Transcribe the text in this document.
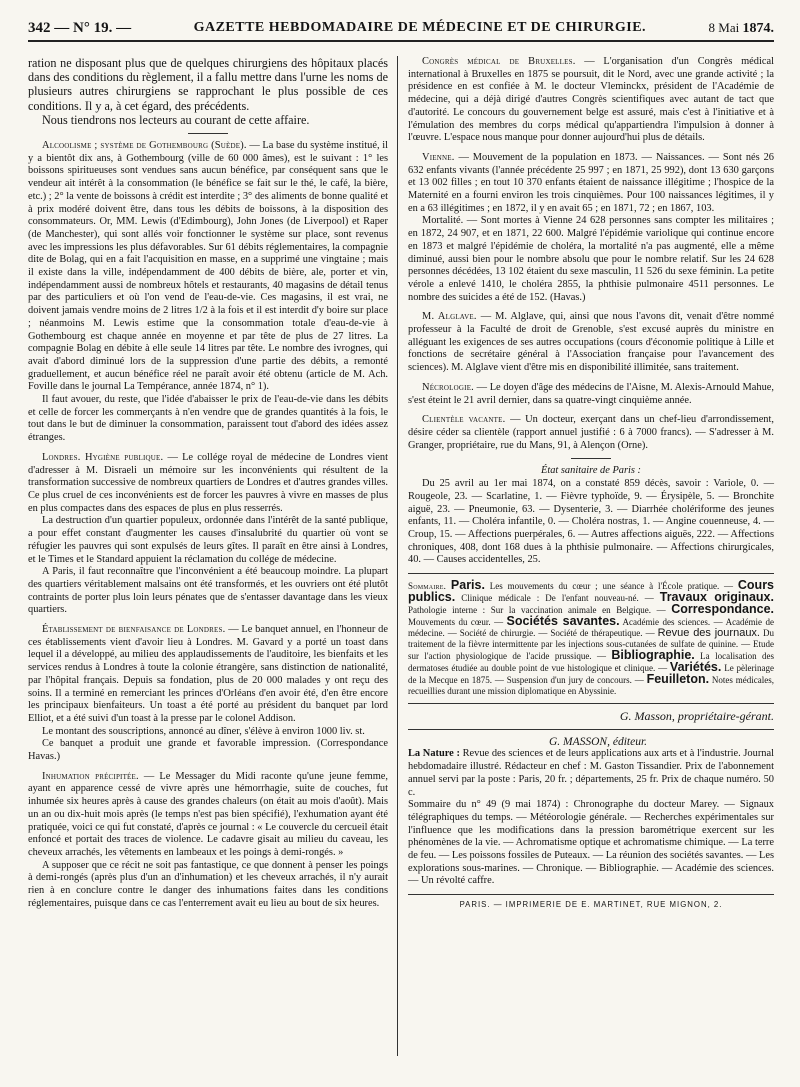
342 — N° 19. —	GAZETTE HEBDOMADAIRE DE MÉDECINE ET DE CHIRURGIE.	8 Mai 1874.

ration ne disposant plus que de quelques chirurgiens des hôpitaux placés dans des conditions du règlement, il a fallu mettre dans l'urne les noms de plusieurs autres chirurgiens se rapprochant le plus possible de ces conditions. Il y a, à cet égard, des précédents.

Nous tiendrons nos lecteurs au courant de cette affaire.

Alcoolisme ; système de Gothembourg (Suède). — La base du système institué, il y a bientôt dix ans, à Gothembourg (ville de 60 000 âmes), est le suivant : 1° les boissons spiritueuses sont vendues sans aucun bénéfice, par conséquent sans que le vendeur ait intérêt à la consommation (le bénéfice se fait sur le thé, le café, la bière, etc.) ; 2° la vente de boissons à crédit est interdite ; 3° des aliments de bonne qualité et à prix modéré doivent être, dans tous les débits de boissons, à la disposition des consommateurs. Or, MM. Lewis (d'Edimbourg), John Jones (de Liverpool) et Raper (de Manchester), qui sont allés voir fonctionner le système sur place, sont revenus avec les impressions les plus défavorables. Sur 61 débits réglementaires, la compagnie dite de Bolag, qui en a fait l'acquisition en masse, en a supprimé une vingtaine ; mais il existe dans la ville, indépendamment de 400 débits de bière, ale, porter et vin, indépendamment aussi de nombreux hôtels et restaurants, 40 magasins de détail tenus par des particuliers et où l'on vend de l'eau-de-vie. Ces magasins, il est vrai, ne doivent jamais vendre moins de 2 litres 1/2 à la fois et il est interdit d'y boire sur place ; néanmoins M. Lewis estime que la consommation totale d'eau-de-vie à Gothembourg est chaque année en moyenne et par tête de plus de 27 litres. La compagnie Bolag en débite à elle seule 14 litres par tête. Le nombre des ivrognes, qui avait d'abord diminué lors de la suppression d'une partie des débits, a remonté graduellement, et aucun bénéfice réel ne paraît avoir été obtenu (article de M. Ach. Foville dans le journal La Tempérance, année 1874, n° 1).

Il faut avouer, du reste, que l'idée d'abaisser le prix de l'eau-de-vie dans les débits et celle de forcer les commerçants à n'en vendre que de grandes quantités à la fois, le tout dans le but de diminuer la consommation, paraissent tout d'abord des idées assez étranges.

Londres. Hygiène publique. — Le collége royal de médecine de Londres vient d'adresser à M. Disraeli un mémoire sur les inconvénients qui résultent de la transformation successive de nombreux quartiers de Londres et d'autres grandes villes. Ce plus cruel de ces inconvénients est de forcer les pauvres à vivre en masses de plus en plus compactes dans des espaces de plus en plus resserrés.

La destruction d'un quartier populeux, ordonnée dans l'intérêt de la santé publique, a pour effet constant d'augmenter les causes d'insalubrité du quartier où vont se réfugier les pauvres qui sont expulsés de leurs gîtes. Il paraît en être ainsi à Londres, et le Times et le Standard appuient la réclamation du collége de médecine.

A Paris, il faut reconnaître que l'inconvénient a été beaucoup moindre. La plupart des quartiers véritablement malsains ont été transformés, et les ouvriers ont été plutôt contraints de porter plus loin leurs pénates que de s'entasser davantage dans les vieux quartiers.

Établissement de bienfaisance de Londres. — Le banquet annuel, en l'honneur de ces établissements vient d'avoir lieu à Londres. M. Gavard y a porté un toast dans lequel il a développé, au milieu des applaudissements de l'auditoire, les bienfaits et les services rendus à Londres à toute la colonie étrangère, sans distinction de nationalité, par l'hôpital français. Depuis sa fondation, plus de 20 000 malades y ont reçu des soins. Il a terminé en remerciant les princes d'Orléans d'en avoir été, d'en être encore les principaux bienfaiteurs. Un toast a été porté au président du banquet par lord Elliot, et a été suivi d'un toast à la presse par le colonel Addison.

Le montant des souscriptions, annoncé au dîner, s'élève à environ 1000 liv. st.

Ce banquet a produit une grande et favorable impression. (Correspondance Havas.)

Inhumation précipitée. — Le Messager du Midi raconte qu'une jeune femme, ayant en apparence cessé de vivre après une hémorrhagie, suite de couches, fut inhumée six heures après à cause des grandes chaleurs (on était au mois d'août). Mais un an ou dix-huit mois après (le temps n'est pas bien spécifié), l'exhumation ayant été pratiquée, voici ce qui fut constaté, d'après ce journal : « Le couvercle du cercueil était enfoncé et portait des traces de violence. Le cadavre gisait au milieu du caveau, les cheveux arrachés, les vêtements en lambeaux et les poings à demi-rongés. »

A supposer que ce récit ne soit pas fantastique, ce que donnent à penser les poings à demi-rongés (après plus d'un an d'inhumation) et les cheveux arrachés, il n'y aurait rien à en conclure contre le danger des inhumations faites dans les conditions réglementaires, puisque dans ce cas l'enterrement avait eu lieu au bout de six heures.

Congrès médical de Bruxelles. — L'organisation d'un Congrès médical international à Bruxelles en 1875 se poursuit, dit le Nord, avec une grande activité ; la présidence en est confiée à M. le docteur Vleminckx, président de l'Académie de médecine, qui a déjà dirigé d'autres Congrès scientifiques avec autant de tact que d'autorité. Le concours du gouvernement belge est assuré, mais c'est à l'initiative et à l'émulation des membres du corps médical qu'appartiendra l'impulsion à donner à l'œuvre. L'espace nous manque pour donner aujourd'hui plus de détails.

Vienne. — Mouvement de la population en 1873. — Naissances. — Sont nés 26 632 enfants vivants (l'année précédente 25 997 ; en 1871, 25 992), dont 13 630 garçons et 13 002 filles ; en tout 10 370 enfants étaient de naissance illégitime ; l'hospice de la Maternité en a fourni environ les trois cinquièmes. Pour 100 naissances légitimes, il y en a 63 illégitimes ; en 1872, il y en avait 65 ; en 1871, 72 ; en 1867, 103.

Mortalité. — Sont mortes à Vienne 24 628 personnes sans compter les militaires ; en 1872, 24 907, et en 1871, 22 600. Malgré l'épidémie variolique qui continue encore en 1873 et malgré l'épidémie de choléra, la mortalité n'a pas augmenté, elle a même diminué, aussi bien pour le nombre absolu que pour le nombre relatif. Sur les 24 628 personnes décédées, 13 102 étaient du sexe masculin, 11 526 du sexe féminin. La petite vérole a enlevé 1410, le choléra 2855, la phthisie pulmonaire 4511 personnes. Le nombre des suicides a été de 152. (Havas.)

M. Alglave. — M. Alglave, qui, ainsi que nous l'avons dit, venait d'être nommé professeur à la Faculté de droit de Grenoble, s'est excusé auprès du ministre en alléguant les exigences de ses autres occupations (cours d'économie politique à Lille et fonctions de secrétaire général à l'Association française pour l'avancement des sciences). M. Alglave vient d'être mis en disponibilité illimitée, sans traitement.

Nécrologie. — Le doyen d'âge des médecins de l'Aisne, M. Alexis-Arnould Mahue, s'est éteint le 21 avril dernier, dans sa quatre-vingt cinquième année.

Clientèle vacante. — Un docteur, exerçant dans un chef-lieu d'arrondissement, désire céder sa clientèle (rapport annuel justifié : 6 à 7000 francs). — S'adresser à M. Granger, propriétaire, rue du Mans, 91, à Alençon (Orne).

État sanitaire de Paris :

Du 25 avril au 1er mai 1874, on a constaté 859 décès, savoir : Variole, 0. — Rougeole, 23. — Scarlatine, 1. — Fièvre typhoïde, 9. — Érysipèle, 5. — Bronchite aiguë, 23. — Pneumonie, 63. — Dysenterie, 3. — Diarrhée cholériforme des jeunes enfants, 11. — Choléra infantile, 0. — Choléra nostras, 1. — Angine couenneuse, 4. — Croup, 15. — Affections puerpérales, 6. — Autres affections aiguës, 222. — Affections chroniques, 408, dont 168 dues à la phthisie pulmonaire. — Affections chirurgicales, 40. — Causes accidentelles, 25.

Sommaire. Paris. Les mouvements du cœur ; une séance à l'École pratique. — Cours publics. Clinique médicale : De l'enfant nouveau-né. — Travaux originaux. Pathologie interne : Sur la vaccination animale en Belgique. — Correspondance. Mouvements du cœur. — Sociétés savantes. Académie des sciences. — Académie de médecine. — Société de chirurgie. — Société de thérapeutique. — Revue des journaux. Du traitement de la fièvre intermittente par les injections sous-cutanées de sulfate de quinine. — Etude sur l'action physiologique de l'acide prussique. — Bibliographie. La localisation des dermatoses étudiée au double point de vue histologique et clinique. — Variétés. Le pèlerinage de la Mecque en 1875. — Suspension d'un jury de concours. — Feuilleton. Notes médicales, recueillies durant une mission diplomatique en Abyssinie.

G. Masson, propriétaire-gérant.

G. MASSON, éditeur.

La Nature : Revue des sciences et de leurs applications aux arts et à l'industrie. Journal hebdomadaire illustré. Rédacteur en chef : M. Gaston Tissandier. Prix de l'abonnement annuel servi par la poste : Paris, 20 fr. ; départements, 25 fr. Prix de chaque numéro. 50 c.

Sommaire du n° 49 (9 mai 1874) : Chronographe du docteur Marey. — Signaux télégraphiques du temps. — Météorologie générale. — Recherches expérimentales sur l'influence que les modifications dans la pression barométrique exercent sur les phénomènes de la vie. — Achromatisme optique et achromatisme chimique. — La terre de feu. — Les poissons fossiles de Puteaux. — La réunion des sociétés savantes. — Les explorations sous-marines. — Chronique. — Bibliographie. — Académie des sciences. — Un révolté caffre.

PARIS. — IMPRIMERIE DE E. MARTINET, RUE MIGNON, 2.
